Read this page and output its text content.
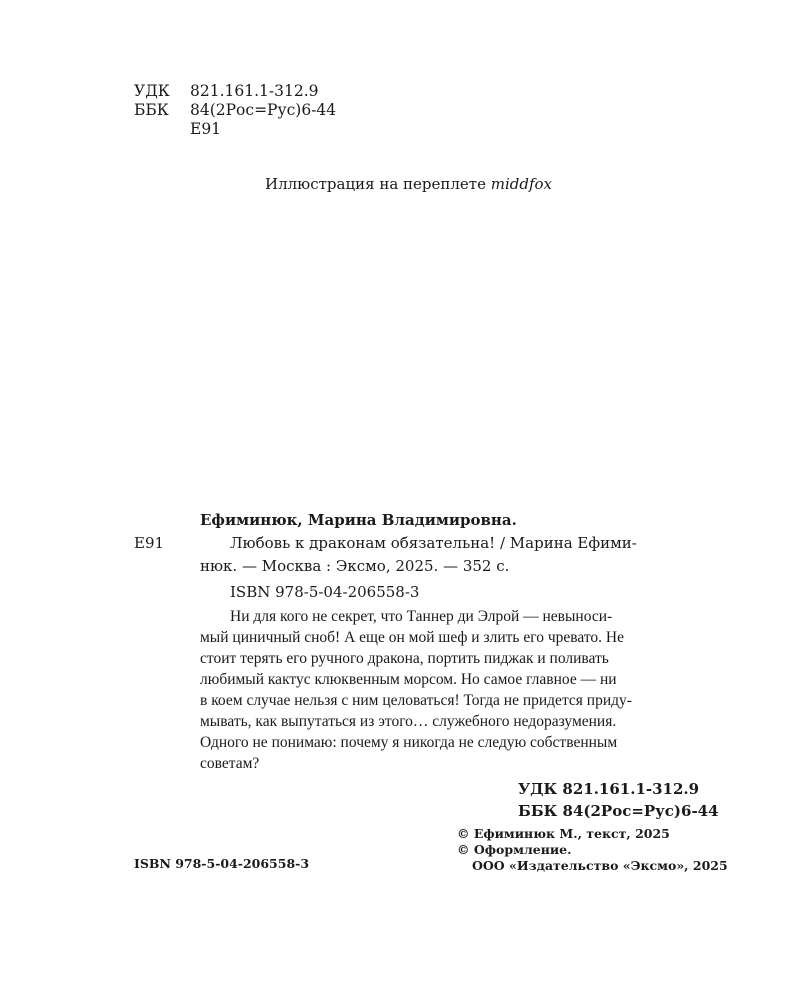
УДК 821.161.1-312.9
ББК 84(2Рос=Рус)6-44
Е91
Иллюстрация на переплете middfox
Ефиминюк, Марина Владимировна.
Е91	Любовь к драконам обязательна! / Марина Ефими-
нюк. — Москва : Эксмо, 2025. — 352 с.
ISBN 978-5-04-206558-3
Ни для кого не секрет, что Таннер ди Элрой — невыноси-
мый циничный сноб! А еще он мой шеф и злить его чревато. Не
стоит терять его ручного дракона, портить пиджак и поливать
любимый кактус клюквенным морсом. Но самое главное — ни
в коем случае нельзя с ним целоваться! Тогда не придется приду-
мывать, как выпутаться из этого… служебного недоразумения.
Одного не понимаю: почему я никогда не следую собственным
советам?
УДК 821.161.1-312.9
ББК 84(2Рос=Рус)6-44
ISBN 978-5-04-206558-3
© Ефиминюк М., текст, 2025
© Оформление.
ООО «Издательство «Эксмо», 2025
